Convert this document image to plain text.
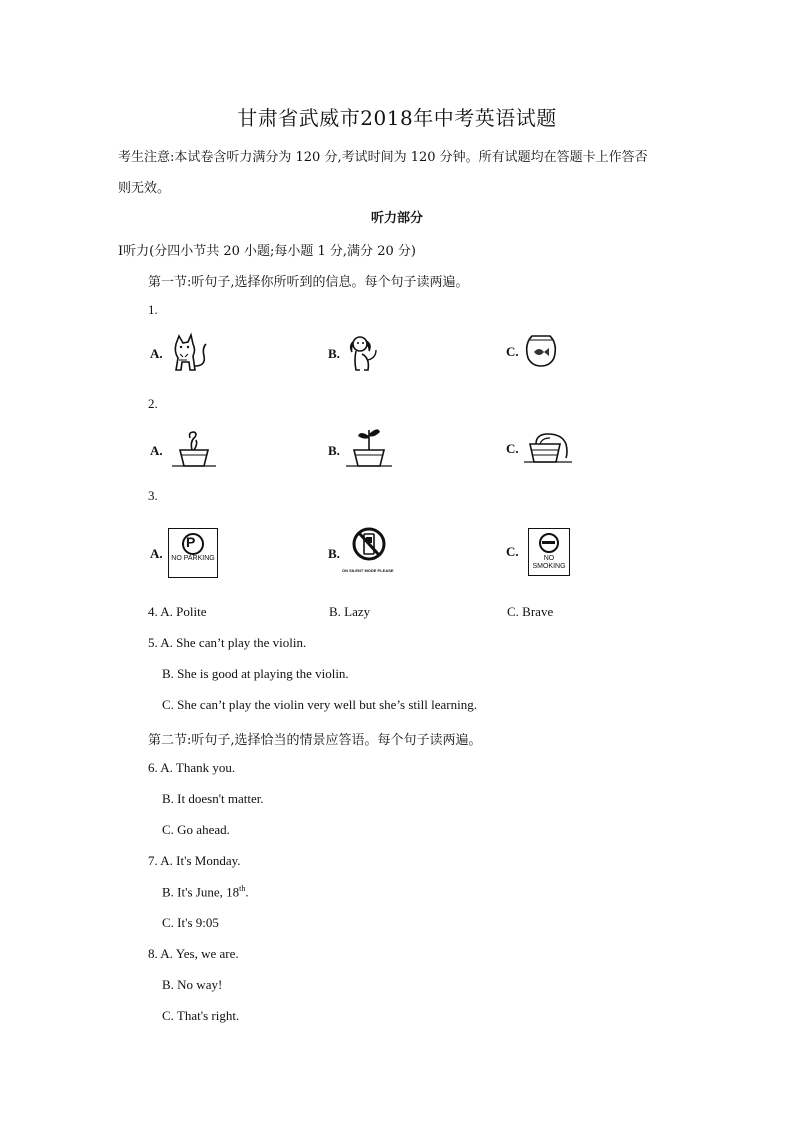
甘肃省武威市2018年中考英语试题
考生注意:本试卷含听力满分为 120 分,考试时间为 120 分钟。所有试题均在答题卡上作答否
则无效。
听力部分
I听力(分四小节共 20 小题;每小题 1 分,满分 20 分)
第一节:听句子,选择你所听到的信息。每个句子读两遍。
1.
A.	B.	C.
2.
A.	B.	C.
3.
A.
P
NO PARKING	B.
ON SILENT MODE PLEASE
C.	NO SMOKING
4. A. Polite	B. Lazy	C. Brave
5. A. She can’t play the violin.
B. She is good at playing the violin.
C. She can’t play the violin very well but she’s still learning.
第二节:听句子,选择恰当的情景应答语。每个句子读两遍。
6. A. Thank you.
B. It doesn't matter.
C. Go ahead.
7. A. It's Monday.
B. It's June, 18th.
C. It's 9:05
8. A. Yes, we are.
B. No way!
C. That's right.
